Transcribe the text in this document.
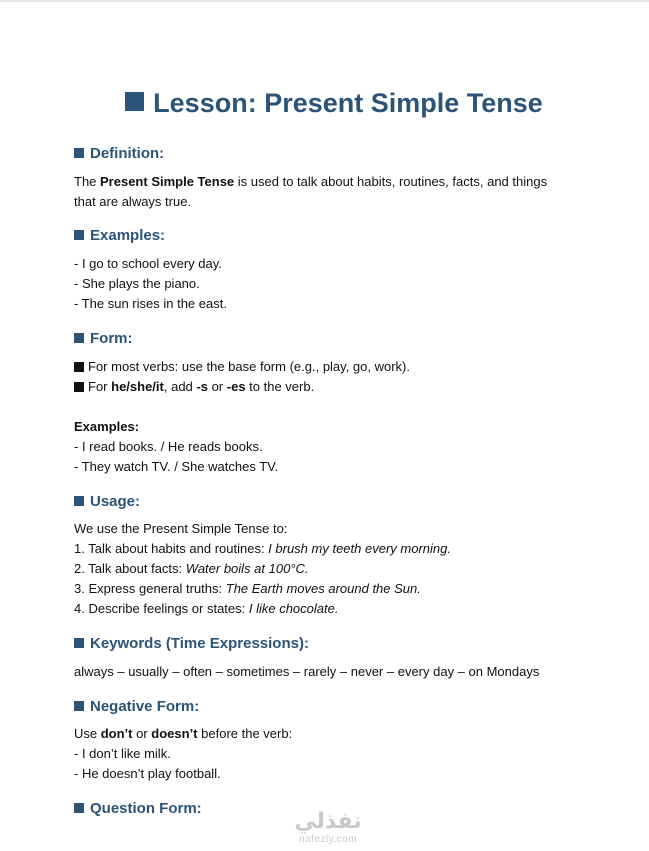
Lesson: Present Simple Tense
Definition:
The Present Simple Tense is used to talk about habits, routines, facts, and things
that are always true.
Examples:
- I go to school every day.
- She plays the piano.
- The sun rises in the east.
Form:
For most verbs: use the base form (e.g., play, go, work).
For he/she/it, add -s or -es to the verb.
Examples:
- I read books. / He reads books.
- They watch TV. / She watches TV.
Usage:
We use the Present Simple Tense to:
1. Talk about habits and routines: I brush my teeth every morning.
2. Talk about facts: Water boils at 100°C.
3. Express general truths: The Earth moves around the Sun.
4. Describe feelings or states: I like chocolate.
Keywords (Time Expressions):
always – usually – often – sometimes – rarely – never – every day – on Mondays
Negative Form:
Use don’t or doesn’t before the verb:
- I don’t like milk.
- He doesn’t play football.
Question Form:
نفذلي
nafezly.com
